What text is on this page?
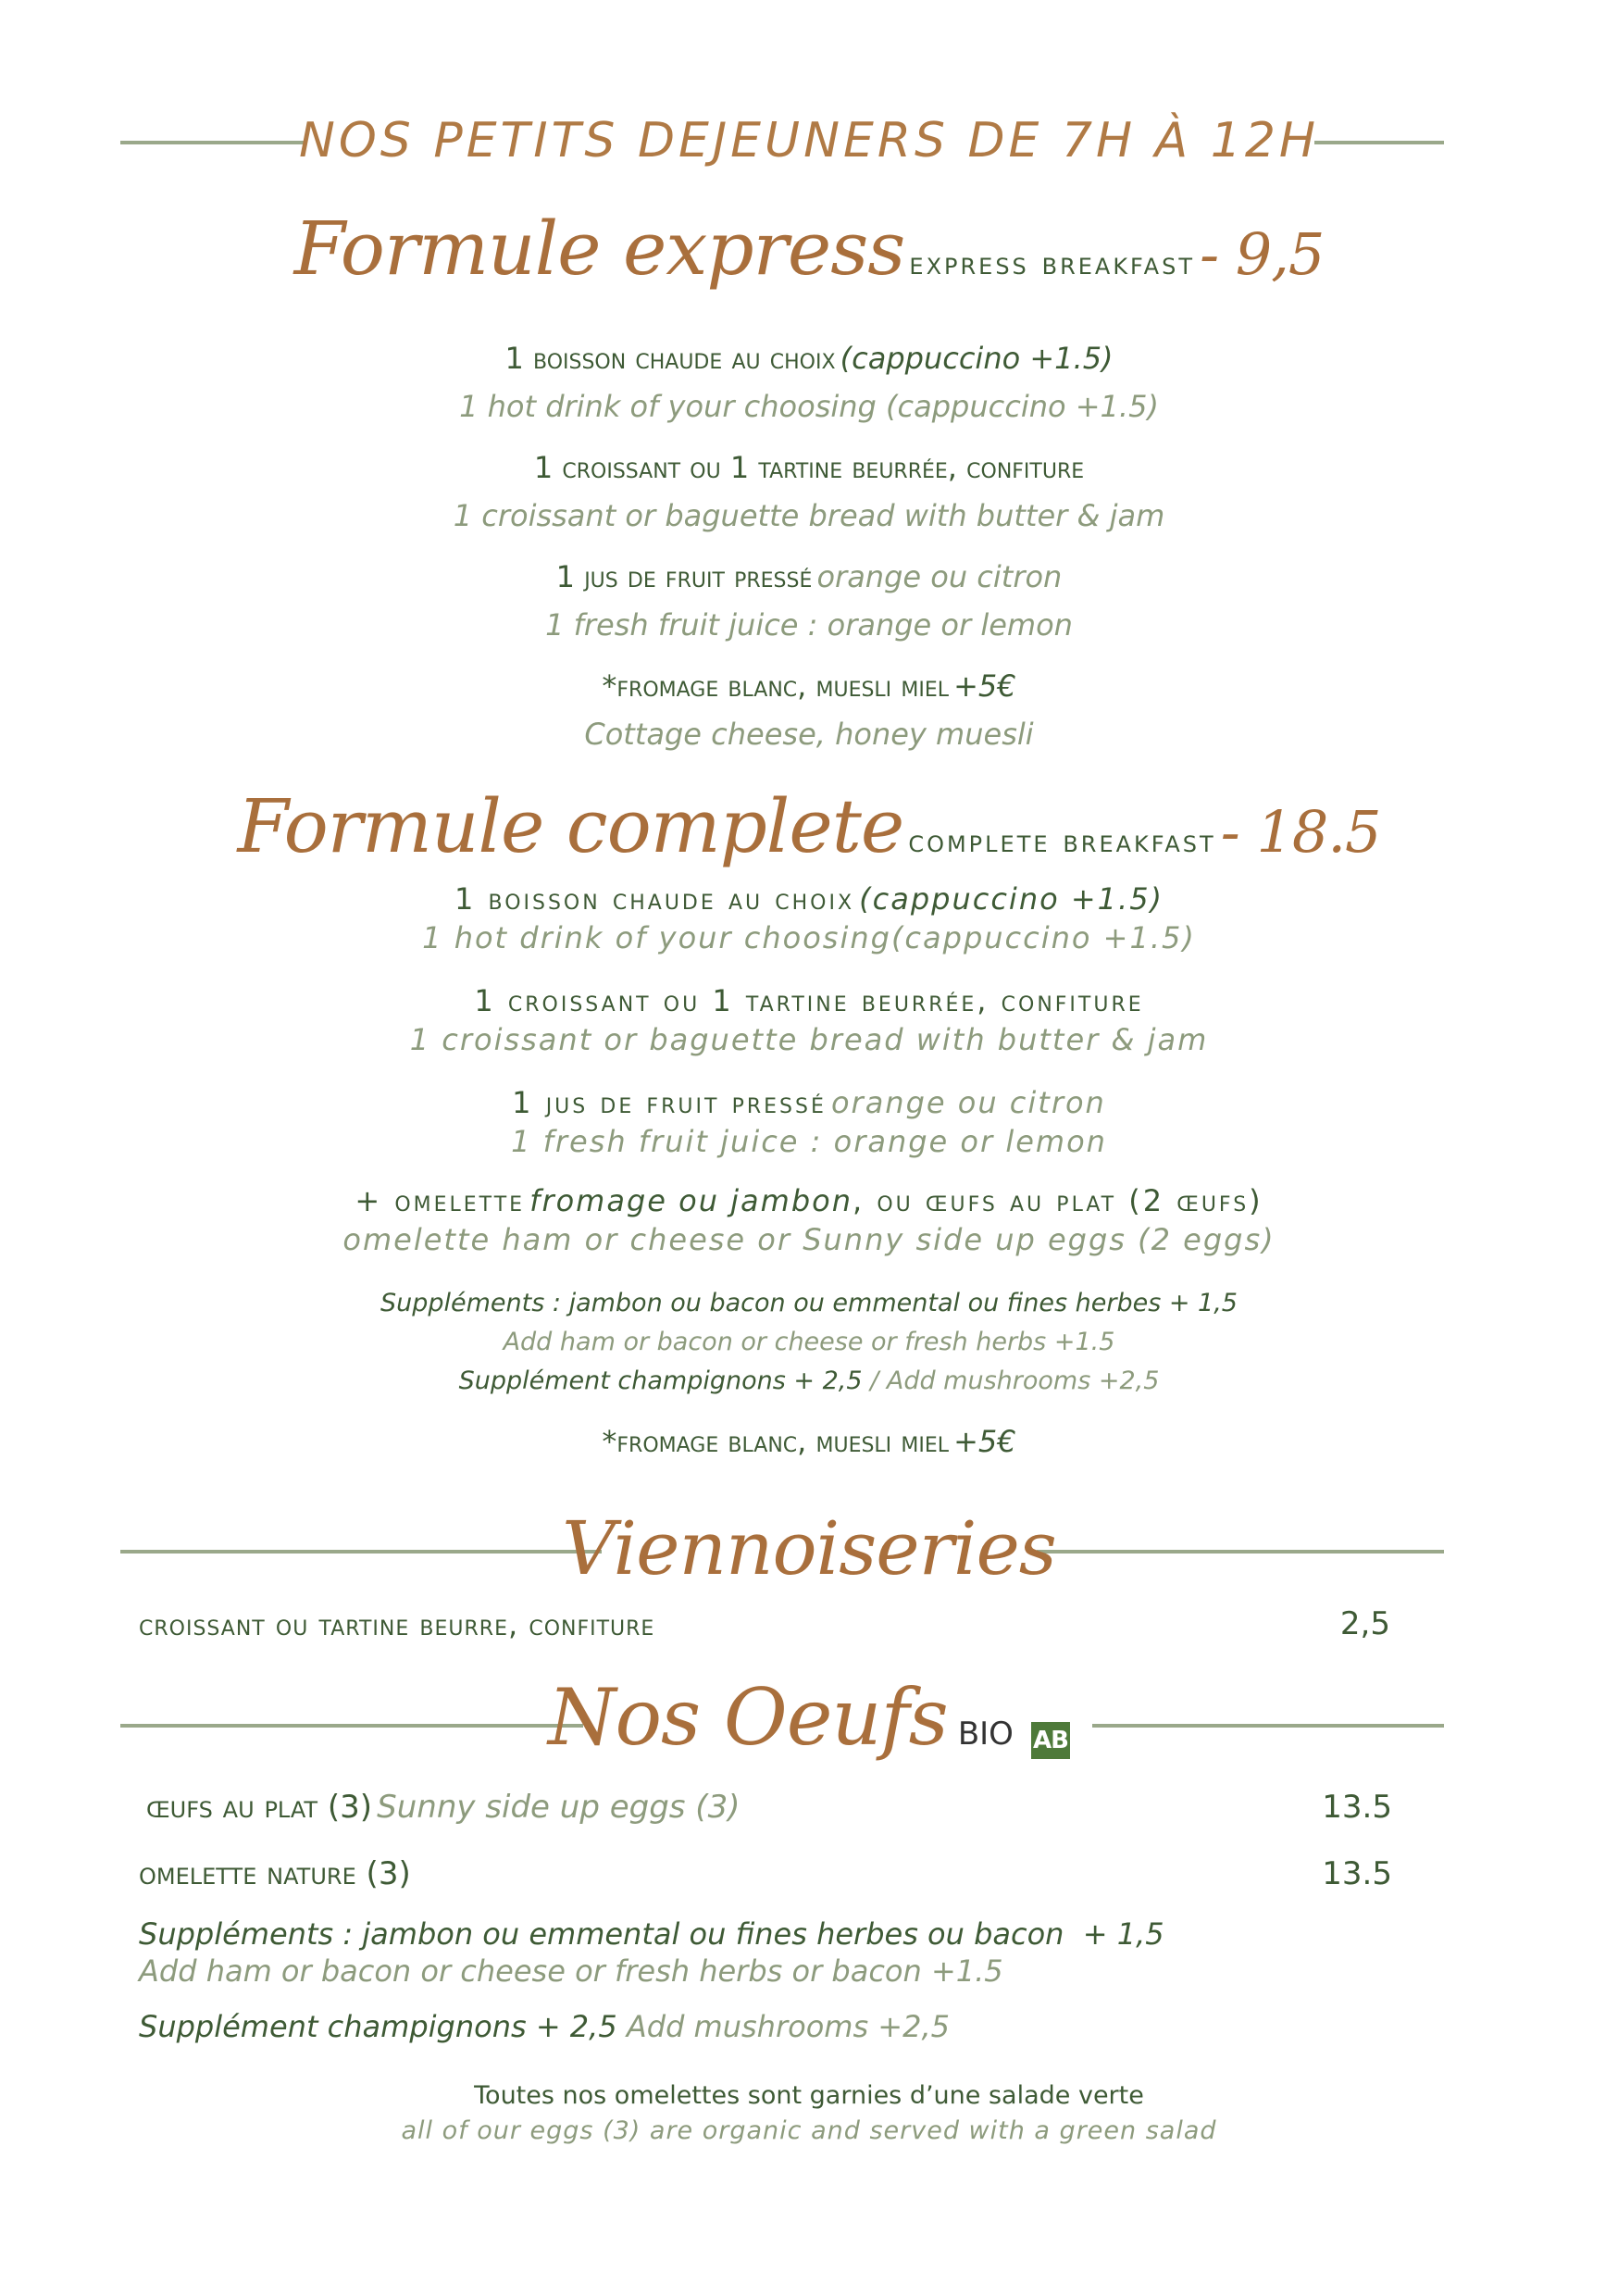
NOS PETITS DEJEUNERS DE 7H À 12H
Formule express express breakfast - 9,5
1 boisson chaude au choix (cappuccino +1.5)
1 hot drink of your choosing (cappuccino +1.5)
1 croissant ou 1 tartine beurrée, confiture
1 croissant or baguette bread with butter & jam
1 jus de fruit pressé orange ou citron
1 fresh fruit juice : orange or lemon
*fromage blanc, muesli miel +5€
Cottage cheese, honey muesli
Formule complete complete breakfast - 18.5
1 boisson chaude au choix (cappuccino +1.5)
1 hot drink of your choosing(cappuccino +1.5)
1 croissant ou 1 tartine beurrée, confiture
1 croissant or baguette bread with butter & jam
1 jus de fruit pressé orange ou citron
1 fresh fruit juice : orange or lemon
+ omelette fromage ou jambon, ou œufs au plat (2 œufs)
omelette ham or cheese or Sunny side up eggs (2 eggs)
Suppléments : jambon ou bacon ou emmental ou fines herbes + 1,5
Add ham or bacon or cheese or fresh herbs +1.5
Supplément champignons + 2,5 / Add mushrooms +2,5
*fromage blanc, muesli miel +5€
Viennoiseries
croissant ou tartine beurre, confiture	2,5
Nos Oeufs BIO AB
œufs au plat (3) Sunny side up eggs (3)	13.5
omelette nature (3)	13.5
Suppléments : jambon ou emmental ou fines herbes ou bacon  + 1,5
Add ham or bacon or cheese or fresh herbs or bacon +1.5
Supplément champignons + 2,5 Add mushrooms +2,5
Toutes nos omelettes sont garnies d’une salade verte
all of our eggs (3) are organic and served with a green salad
